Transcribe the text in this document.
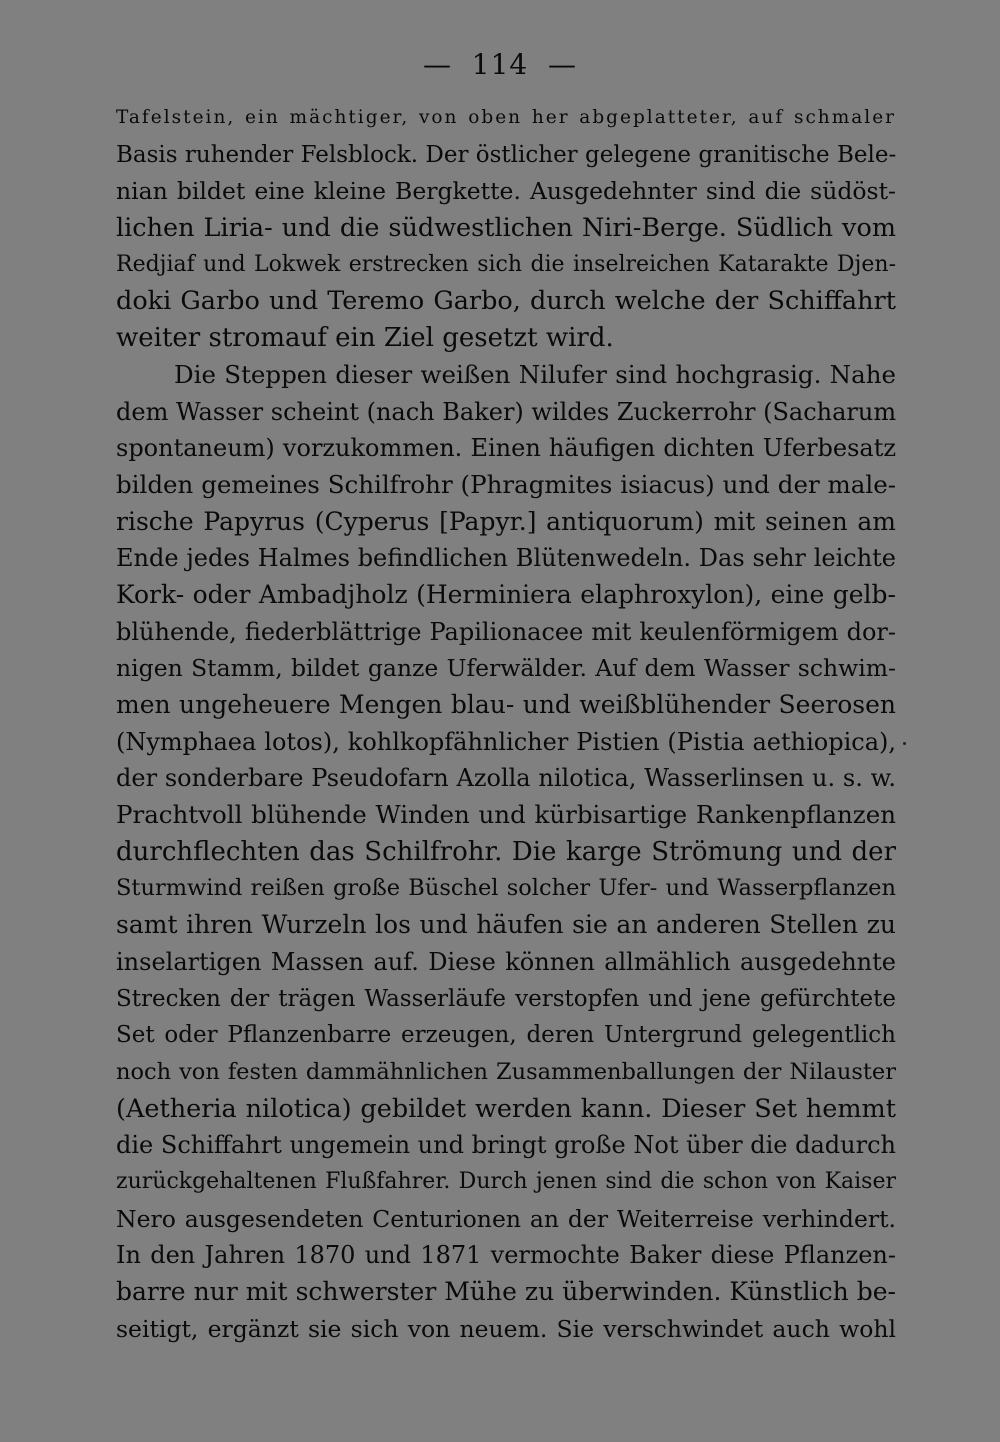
— 114 —
Tafelstein, ein mächtiger, von oben her abgeplatteter, auf schmaler
Basis ruhender Felsblock. Der östlicher gelegene granitische Bele-
nian bildet eine kleine Bergkette. Ausgedehnter sind die südöst-
lichen Liria- und die südwestlichen Niri-Berge. Südlich vom
Redjiaf und Lokwek erstrecken sich die inselreichen Katarakte Djen-
doki Garbo und Teremo Garbo, durch welche der Schiffahrt
weiter stromauf ein Ziel gesetzt wird.
Die Steppen dieser weißen Nilufer sind hochgrasig. Nahe
dem Wasser scheint (nach Baker) wildes Zuckerrohr (Sacharum
spontaneum) vorzukommen. Einen häufigen dichten Uferbesatz
bilden gemeines Schilfrohr (Phragmites isiacus) und der male-
rische Papyrus (Cyperus [Papyr.] antiquorum) mit seinen am
Ende jedes Halmes befindlichen Blütenwedeln. Das sehr leichte
Kork- oder Ambadjholz (Herminiera elaphroxylon), eine gelb-
blühende, fiederblättrige Papilionacee mit keulenförmigem dor-
nigen Stamm, bildet ganze Uferwälder. Auf dem Wasser schwim-
men ungeheuere Mengen blau- und weißblühender Seerosen
(Nymphaea lotos), kohlkopfähnlicher Pistien (Pistia aethiopica),
der sonderbare Pseudofarn Azolla nilotica, Wasserlinsen u. s. w.
Prachtvoll blühende Winden und kürbisartige Rankenpflanzen
durchflechten das Schilfrohr. Die karge Strömung und der
Sturmwind reißen große Büschel solcher Ufer- und Wasserpflanzen
samt ihren Wurzeln los und häufen sie an anderen Stellen zu
inselartigen Massen auf. Diese können allmählich ausgedehnte
Strecken der trägen Wasserläufe verstopfen und jene gefürchtete
Set oder Pflanzenbarre erzeugen, deren Untergrund gelegentlich
noch von festen dammähnlichen Zusammenballungen der Nilauster
(Aetheria nilotica) gebildet werden kann. Dieser Set hemmt
die Schiffahrt ungemein und bringt große Not über die dadurch
zurückgehaltenen Flußfahrer. Durch jenen sind die schon von Kaiser
Nero ausgesendeten Centurionen an der Weiterreise verhindert.
In den Jahren 1870 und 1871 vermochte Baker diese Pflanzen-
barre nur mit schwerster Mühe zu überwinden. Künstlich be-
seitigt, ergänzt sie sich von neuem. Sie verschwindet auch wohl
